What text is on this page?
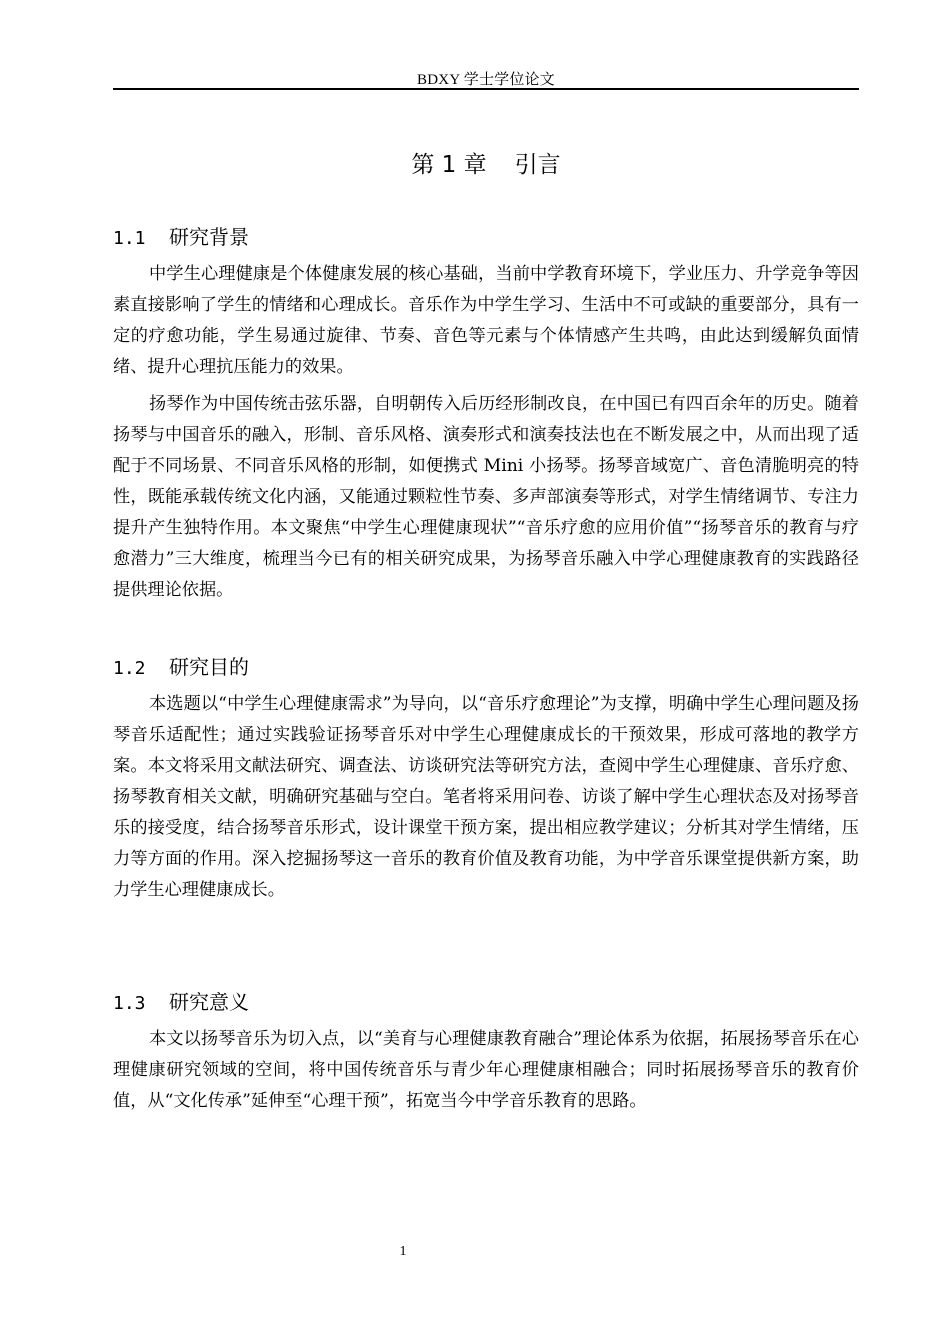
BDXY 学士学位论文
第 1 章 引言
1.1 研究背景

中学生心理健康是个体健康发展的核心基础，当前中学教育环境下，学业压力、升学竞争等因素直接影响了学生的情绪和心理成长。音乐作为中学生学习、生活中不可或缺的重要部分，具有一定的疗愈功能，学生易通过旋律、节奏、音色等元素与个体情感产生共鸣，由此达到缓解负面情绪、提升心理抗压能力的效果。

扬琴作为中国传统击弦乐器，自明朝传入后历经形制改良，在中国已有四百余年的历史。随着扬琴与中国音乐的融入，形制、音乐风格、演奏形式和演奏技法也在不断发展之中，从而出现了适配于不同场景、不同音乐风格的形制，如便携式 Mini 小扬琴。扬琴音域宽广、音色清脆明亮的特性，既能承载传统文化内涵，又能通过颗粒性节奏、多声部演奏等形式，对学生情绪调节、专注力提升产生独特作用。本文聚焦“中学生心理健康现状”“音乐疗愈的应用价值”“扬琴音乐的教育与疗愈潜力”三大维度，梳理当今已有的相关研究成果，为扬琴音乐融入中学心理健康教育的实践路径提供理论依据。

1.2 研究目的

本选题以“中学生心理健康需求”为导向，以“音乐疗愈理论”为支撑，明确中学生心理问题及扬琴音乐适配性；通过实践验证扬琴音乐对中学生心理健康成长的干预效果，形成可落地的教学方案。本文将采用文献法研究、调查法、访谈研究法等研究方法，查阅中学生心理健康、音乐疗愈、扬琴教育相关文献，明确研究基础与空白。笔者将采用问卷、访谈了解中学生心理状态及对扬琴音乐的接受度，结合扬琴音乐形式，设计课堂干预方案，提出相应教学建议；分析其对学生情绪，压力等方面的作用。深入挖掘扬琴这一音乐的教育价值及教育功能，为中学音乐课堂提供新方案，助力学生心理健康成长。

1.3 研究意义

本文以扬琴音乐为切入点，以“美育与心理健康教育融合”理论体系为依据，拓展扬琴音乐在心理健康研究领域的空间，将中国传统音乐与青少年心理健康相融合；同时拓展扬琴音乐的教育价值，从“文化传承”延伸至“心理干预”，拓宽当今中学音乐教育的思路。

1
